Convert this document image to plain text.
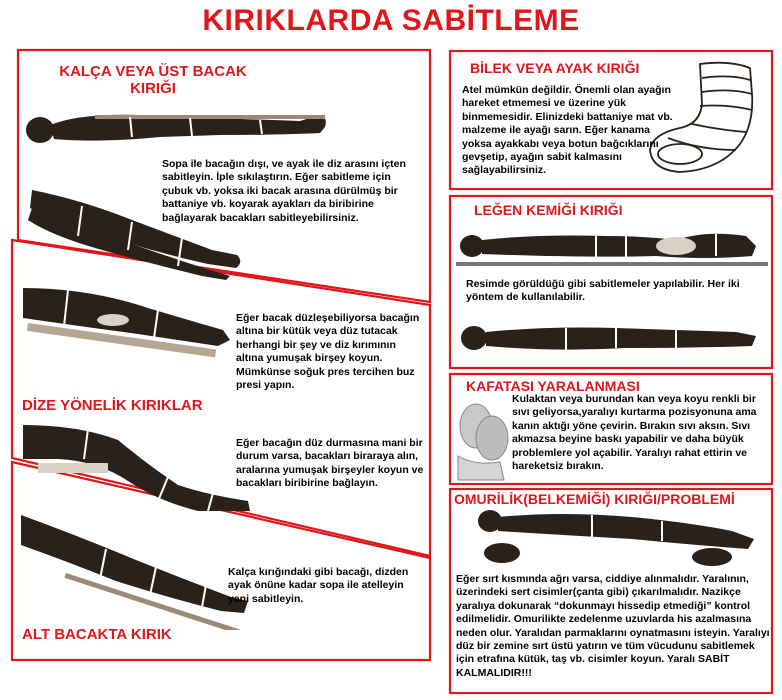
KIRIKLARDA SABİTLEME
KALÇA VEYA ÜST BACAK KIRIĞI
Sopa ile bacağın dışı, ve ayak ile diz arasını içten sabitleyin. İple sıkılaştırın. Eğer sabitleme için çubuk vb. yoksa iki bacak arasına dürülmüş bir battaniye vb. koyarak ayakları da biribirine bağlayarak bacakları sabitleyebilirsiniz.
Eğer bacak düzleşebiliyorsa bacağın altına bir kütük veya düz tutacak herhangi bir şey ve diz kırımının altına yumuşak birşey koyun. Mümkünse soğuk pres tercihen buz presi yapın.
DİZE YÖNELİK KIRIKLAR
Eğer bacağın düz durmasına mani bir durum varsa, bacakları biraraya alın, aralarına yumuşak birşeyler koyun ve bacakları biribirine bağlayın.
Kalça kırığındaki gibi bacağı, dizden ayak önüne kadar sopa ile atelleyin yani sabitleyin.
ALT BACAKTA KIRIK
BİLEK VEYA AYAK KIRIĞI
Atel mümkün değildir. Önemli olan ayağın hareket etmemesi ve üzerine yük binmemesidir. Elinizdeki battaniye mat vb. malzeme ile ayağı sarın. Eğer kanama yoksa ayakkabı veya botun bağcıklarını gevşetip, ayağın sabit kalmasını sağlayabilirsiniz.
LEĞEN KEMİĞİ KIRIĞI
Resimde görüldüğü gibi sabitlemeler yapılabilir. Her iki yöntem de kullanılabilir.
KAFATASI YARALANMASI
Kulaktan veya burundan kan veya koyu renkli bir sıvı geliyorsa,yaralıyı kurtarma pozisyonuna ama kanın aktığı yöne çevirin. Bırakın sıvı aksın. Sıvı akmazsa beyine baskı yapabilir ve daha büyük problemlere yol açabilir. Yaralıyı rahat ettirin ve hareketsiz bırakın.
OMURİLİK(BELKEMİĞİ) KIRIĞI/PROBLEMİ
Eğer sırt kısmında ağrı varsa, ciddiye alınmalıdır. Yaralının, üzerindeki sert cisimler(çanta gibi) çıkarılmalıdır. Nazikçe yaralıya dokunarak “dokunmayı hissedip etmediği” kontrol edilmelidir. Omurilikte zedelenme uzuvlarda his azalmasına neden olur. Yaralıdan parmaklarını oynatmasını isteyin. Yaralıyı düz bir zemine sırt üstü yatırın ve tüm vücudunu sabitlemek için etrafına kütük, taş vb. cisimler koyun. Yaralı SABİT KALMALIDIR!!!
